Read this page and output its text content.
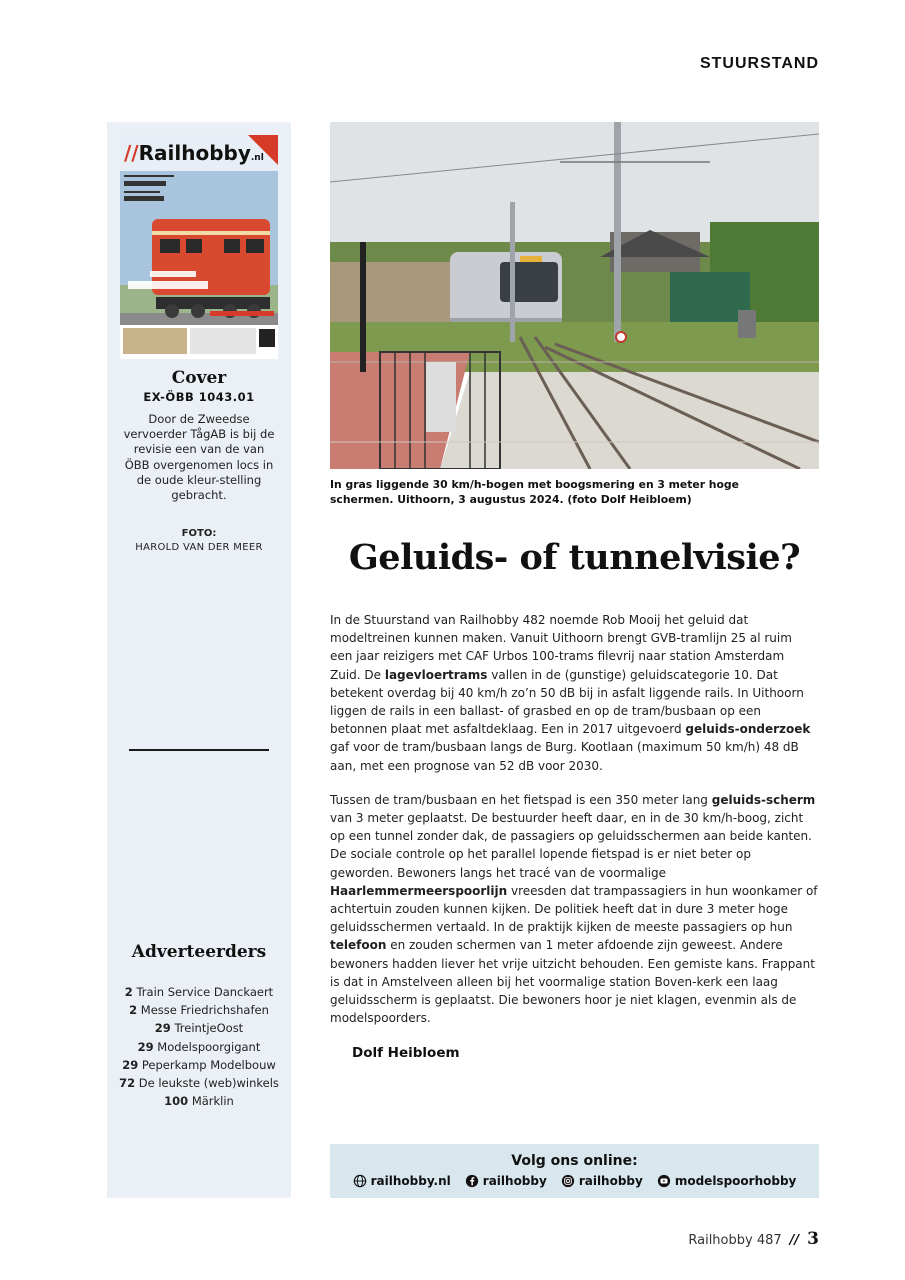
STUURSTAND
//Railhobby.nl
Cover
EX-ÖBB 1043.01
Door de Zweedse vervoerder TågAB is bij de revisie een van de van ÖBB overgenomen locs in de oude kleur-stelling gebracht.
FOTO:
HAROLD VAN DER MEER
Adverteerders
2 Train Service Danckaert
2 Messe Friedrichshafen
29 TreintjeOost
29 Modelspoorgigant
29 Peperkamp Modelbouw
72 De leukste (web)winkels
100 Märklin
In gras liggende 30 km/h-bogen met boogsmering en 3 meter hoge schermen. Uithoorn, 3 augustus 2024. (foto Dolf Heibloem)
Geluids- of tunnelvisie?

In de Stuurstand van Railhobby 482 noemde Rob Mooij het geluid dat modeltreinen kunnen maken. Vanuit Uithoorn brengt GVB-tramlijn 25 al ruim een jaar reizigers met CAF Urbos 100-trams filevrij naar station Amsterdam Zuid. De lagevloertrams vallen in de (gunstige) geluidscategorie 10. Dat betekent overdag bij 40 km/h zo’n 50 dB bij in asfalt liggende rails. In Uithoorn liggen de rails in een ballast- of grasbed en op de tram/busbaan op een betonnen plaat met asfaltdeklaag. Een in 2017 uitgevoerd geluids-onderzoek gaf voor de tram/busbaan langs de Burg. Kootlaan (maximum 50 km/h) 48 dB aan, met een prognose van 52 dB voor 2030.

Tussen de tram/busbaan en het fietspad is een 350 meter lang geluids-scherm van 3 meter geplaatst. De bestuurder heeft daar, en in de 30 km/h-boog, zicht op een tunnel zonder dak, de passagiers op geluidsschermen aan beide kanten. De sociale controle op het parallel lopende fietspad is er niet beter op geworden. Bewoners langs het tracé van de voormalige Haarlemmermeerspoorlijn vreesden dat trampassagiers in hun woonkamer of achtertuin zouden kunnen kijken. De politiek heeft dat in dure 3 meter hoge geluidsschermen vertaald. In de praktijk kijken de meeste passagiers op hun telefoon en zouden schermen van 1 meter afdoende zijn geweest. Andere bewoners hadden liever het vrije uitzicht behouden. Een gemiste kans. Frappant is dat in Amstelveen alleen bij het voormalige station Boven-kerk een laag geluidsscherm is geplaatst. Die bewoners hoor je niet klagen, evenmin als de modelspoorders.

Dolf Heibloem
Volg ons online:
railhobby.nl	railhobby	railhobby	modelspoorhobby
Railhobby 487 // 3
